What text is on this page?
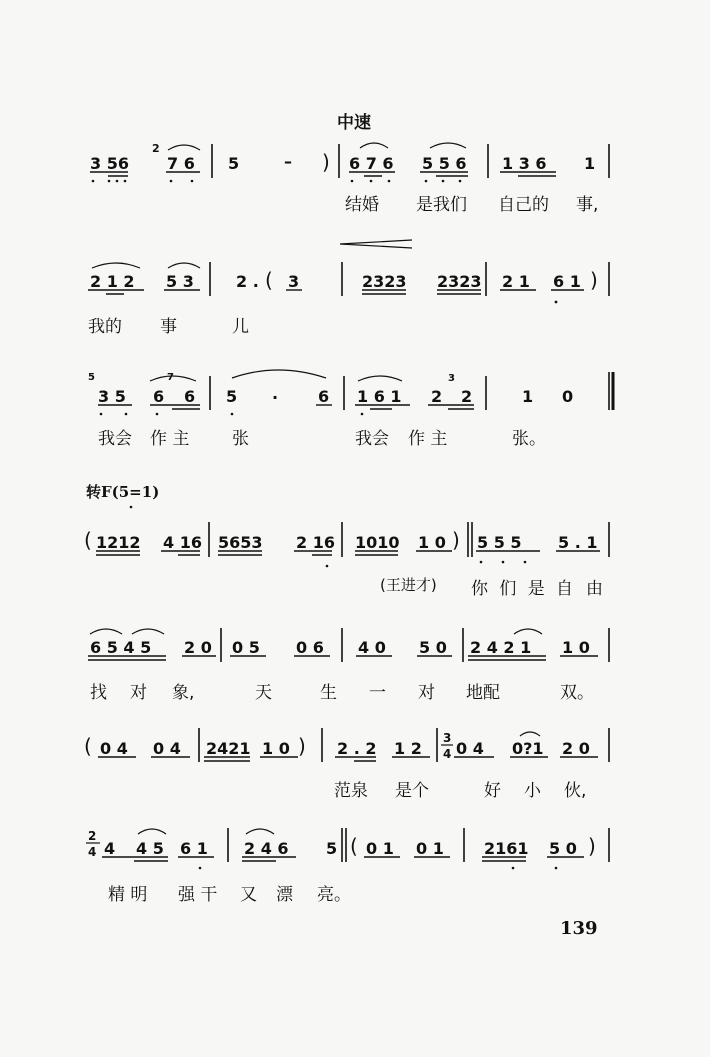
中速
3 56
2
7 6 5	– ) 6 7 6 5 5 6 1 3 6 1
结婚 是我们 自己的 事,
2 1 2 5 3	2 . ( 3	2323 2323 2 1 6 1 )
我的 事	儿
5
3 5 6
7
6 5 . 6 1 6 1 2
3
2	1 0
我会 作 主	张	我会 作 主	张。
转F(5=1)
( 1212 4 16 5653 2 16 1010 1 0 ) 5 5 5 5 . 1
(王进才) 你 们 是 自 由
6 5 4 5 2 0 0 5 0 6 4 0 5 0 2 4 2 1 1 0
找 对 象,	天	生 一 对 地配	双。
( 0 4 0 4 2421 1 0 ) 2 . 2 1 2
3
4 0 4 0?1 2 0
范泉 是个	好 小 伙,
2
4 4 4 5 6 1 2 4 6 5 ( 0 1 0 1	2161 5 0 )
精 明 强 干 又 漂 亮。
139
